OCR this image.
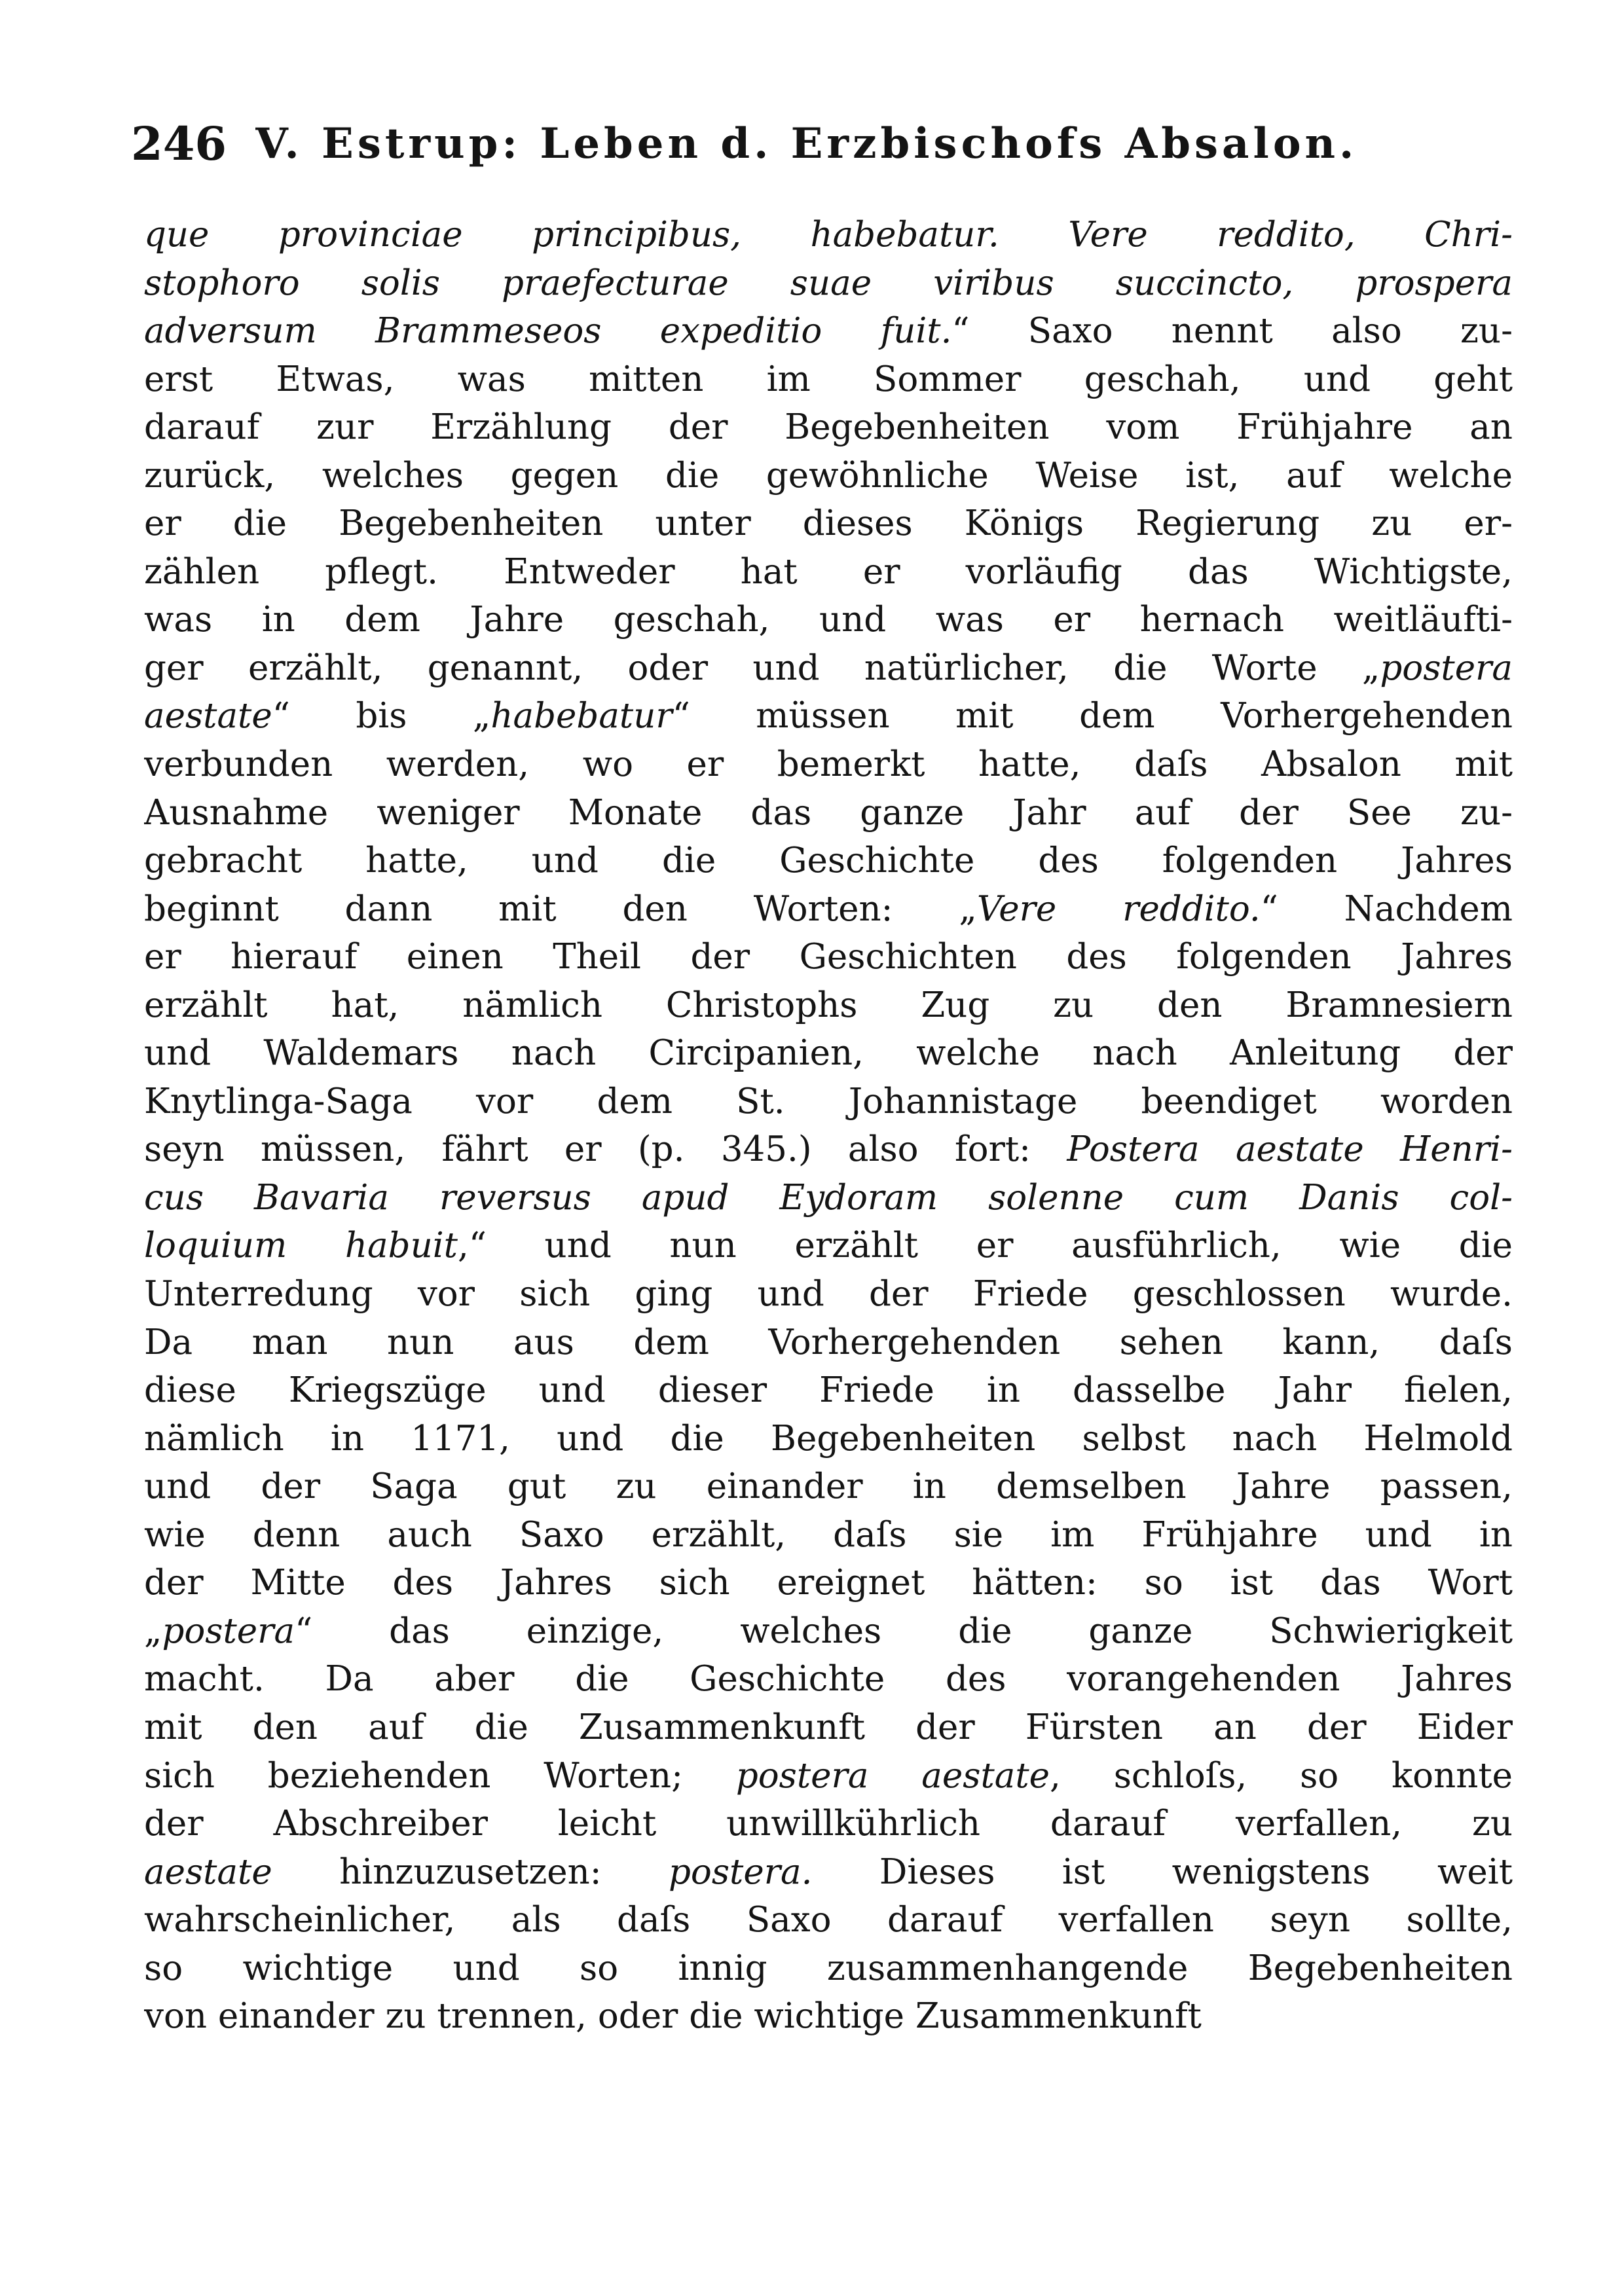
246 V. Estrup: Leben d. Erzbischofs Absalon.
que provinciae principibus, habebatur. Vere reddito, Chri-
stophoro solis praefecturae suae viribus succincto, prospera
adversum Brammeseos expeditio fuit.“ Saxo nennt also zu-
erst Etwas, was mitten im Sommer geschah, und geht
darauf zur Erzählung der Begebenheiten vom Frühjahre an
zurück, welches gegen die gewöhnliche Weise ist, auf welche
er die Begebenheiten unter dieses Königs Regierung zu er-
zählen pflegt. Entweder hat er vorläufig das Wichtigste,
was in dem Jahre geschah, und was er hernach weitläufti-
ger erzählt, genannt, oder und natürlicher, die Worte „postera
aestate“ bis „habebatur“ müssen mit dem Vorhergehenden
verbunden werden, wo er bemerkt hatte, daſs Absalon mit
Ausnahme weniger Monate das ganze Jahr auf der See zu-
gebracht hatte, und die Geschichte des folgenden Jahres
beginnt dann mit den Worten: „Vere reddito.“ Nachdem
er hierauf einen Theil der Geschichten des folgenden Jahres
erzählt hat, nämlich Christophs Zug zu den Bramnesiern
und Waldemars nach Circipanien, welche nach Anleitung der
Knytlinga-Saga vor dem St. Johannistage beendiget worden
seyn müssen, fährt er (p. 345.) also fort: Postera aestate Henri-
cus Bavaria reversus apud Eydoram solenne cum Danis col-
loquium habuit,“ und nun erzählt er ausführlich, wie die
Unterredung vor sich ging und der Friede geschlossen wurde.
Da man nun aus dem Vorhergehenden sehen kann, daſs
diese Kriegszüge und dieser Friede in dasselbe Jahr fielen,
nämlich in 1171, und die Begebenheiten selbst nach Helmold
und der Saga gut zu einander in demselben Jahre passen,
wie denn auch Saxo erzählt, daſs sie im Frühjahre und in
der Mitte des Jahres sich ereignet hätten: so ist das Wort
„postera“ das einzige, welches die ganze Schwierigkeit
macht. Da aber die Geschichte des vorangehenden Jahres
mit den auf die Zusammenkunft der Fürsten an der Eider
sich beziehenden Worten; postera aestate, schloſs, so konnte
der Abschreiber leicht unwillkührlich darauf verfallen, zu
aestate hinzuzusetzen: postera. Dieses ist wenigstens weit
wahrscheinlicher, als daſs Saxo darauf verfallen seyn sollte,
so wichtige und so innig zusammenhangende Begebenheiten
von einander zu trennen, oder die wichtige Zusammenkunft
